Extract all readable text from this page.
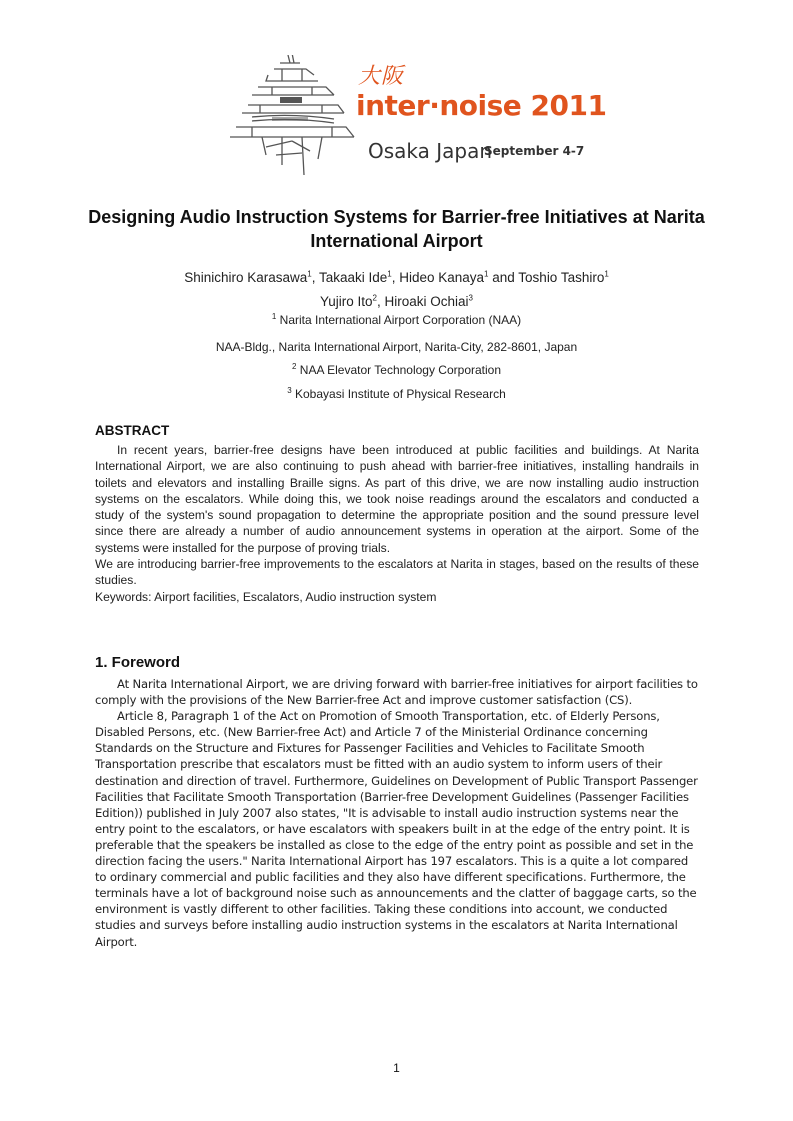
大阪
inter·noise 2011
Osaka Japan
September 4-7
Designing Audio Instruction Systems for Barrier-free Initiatives at Narita International Airport
Shinichiro Karasawa$^1$, Takaaki Ide$^1$, Hideo Kanaya$^1$ and Toshio Tashiro$^1$
Yujiro Ito$^2$, Hiroaki Ochiai$^3$
$^1$ Narita International Airport Corporation (NAA)
NAA-Bldg., Narita International Airport, Narita-City, 282-8601, Japan
$^2$ NAA Elevator Technology Corporation
$^3$ Kobayasi Institute of Physical Research
ABSTRACT

In recent years, barrier-free designs have been introduced at public facilities and buildings. At Narita International Airport, we are also continuing to push ahead with barrier-free initiatives, installing handrails in toilets and elevators and installing Braille signs. As part of this drive, we are now installing audio instruction systems on the escalators. While doing this, we took noise readings around the escalators and conducted a study of the system's sound propagation to determine the appropriate position and the sound pressure level since there are already a number of audio announcement systems in operation at the airport. Some of the systems were installed for the purpose of proving trials.

We are introducing barrier-free improvements to the escalators at Narita in stages, based on the results of these studies.

Keywords: Airport facilities, Escalators, Audio instruction system

1. Foreword

At Narita International Airport, we are driving forward with barrier-free initiatives for airport facilities to comply with the provisions of the New Barrier-free Act and improve customer satisfaction (CS).

Article 8, Paragraph 1 of the Act on Promotion of Smooth Transportation, etc. of Elderly Persons, Disabled Persons, etc. (New Barrier-free Act) and Article 7 of the Ministerial Ordinance concerning Standards on the Structure and Fixtures for Passenger Facilities and Vehicles to Facilitate Smooth Transportation prescribe that escalators must be fitted with an audio system to inform users of their destination and direction of travel. Furthermore, Guidelines on Development of Public Transport Passenger Facilities that Facilitate Smooth Transportation (Barrier-free Development Guidelines (Passenger Facilities Edition)) published in July 2007 also states, "It is advisable to install audio instruction systems near the entry point to the escalators, or have escalators with speakers built in at the edge of the entry point. It is preferable that the speakers be installed as close to the edge of the entry point as possible and set in the direction facing the users." Narita International Airport has 197 escalators. This is a quite a lot compared to ordinary commercial and public facilities and they also have different specifications. Furthermore, the terminals have a lot of background noise such as announcements and the clatter of baggage carts, so the environment is vastly different to other facilities. Taking these conditions into account, we conducted studies and surveys before installing audio instruction systems in the escalators at Narita International Airport.

1
